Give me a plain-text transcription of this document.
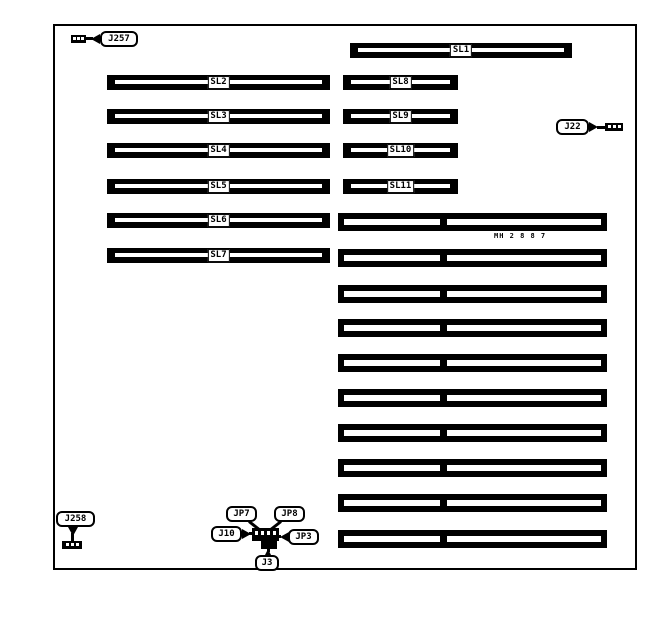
J257
SL1
SL2
SL3
SL4
SL5
SL6
SL7
SL8
SL9
SL10
SL11
J22
MH 2 8 8 7
J258	JP7	JP8
J10	JP3
J3
